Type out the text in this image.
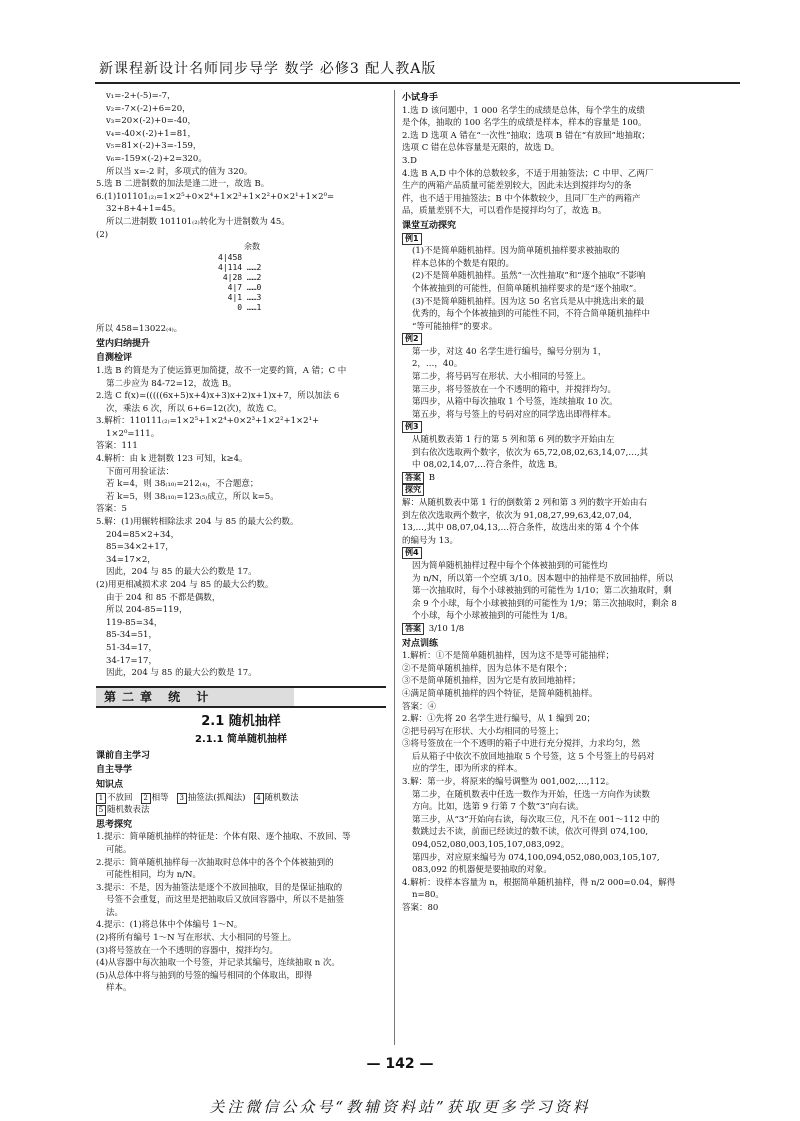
新课程新设计名师同步导学 数学 必修3 配人教A版

v₁=-2+(-5)=-7，

v₂=-7×(-2)+6=20，

v₃=20×(-2)+0=-40，

v₄=-40×(-2)+1=81，

v₅=81×(-2)+3=-159，

v₆=-159×(-2)+2=320。

所以当 x=-2 时，多项式的值为 320。

5.选 B 二进制数的加法是逢二进一，故选 B。

6.(1)101101₍₂₎=1×2⁵+0×2⁴+1×2³+1×2²+0×2¹+1×2⁰=

32+8+4+1=45。

所以二进制数 101101₍₂₎转化为十进制数为 45。

(2)

余数
4|458
4|114 ……2
4|28 ……2
4|7 ……0
4|1 ……3
0 ……1

所以 458=13022₍₄₎。

堂内归纳提升

自测检评

1.选 B 约简是为了使运算更加简捷，故不一定要约简，A 错；C 中

第二步应为 84-72=12，故选 B。

2.选 C f(x)=(((((6x+5)x+4)x+3)x+2)x+1)x+7，所以加法 6

次，乘法 6 次，所以 6+6=12(次)，故选 C。

3.解析：110111₍₂₎=1×2⁵+1×2⁴+0×2³+1×2²+1×2¹+

1×2⁰=111。

答案：111

4.解析：由 k 进制数 123 可知，k≥4。

下面可用验证法：

若 k=4，则 38₍₁₀₎=212₍₄₎，不合题意；

若 k=5，则 38₍₁₀₎=123₍₅₎成立，所以 k=5。

答案：5

5.解：(1)用辗转相除法求 204 与 85 的最大公约数。

204=85×2+34，

85=34×2+17，

34=17×2，

因此，204 与 85 的最大公约数是 17。

(2)用更相减损术求 204 与 85 的最大公约数。

由于 204 和 85 不都是偶数，

所以 204-85=119，

119-85=34，

85-34=51，

51-34=17，

34-17=17，

因此，204 与 85 的最大公约数是 17。

第二章 统 计
2.1 随机抽样
2.1.1 简单随机抽样

课前自主学习

自主导学

知识点

1 不放回 2 相等 3 抽签法(抓阄法) 4 随机数法

5 随机数表法

思考探究

1.提示：简单随机抽样的特征是：个体有限、逐个抽取、不放回、等

可能。

2.提示：简单随机抽样每一次抽取时总体中的各个个体被抽到的

可能性相同，均为 n/N。

3.提示：不是，因为抽签法是逐个不放回抽取，目的是保证抽取的

号签不会重复，而这里是把抽取后又放回容器中，所以不是抽签

法。

4.提示：(1)将总体中个体编号 1～N。

(2)将所有编号 1～N 写在形状、大小相同的号签上。

(3)将号签放在一个不透明的容器中，搅拌均匀。

(4)从容器中每次抽取一个号签，并记录其编号，连续抽取 n 次。

(5)从总体中将与抽到的号签的编号相同的个体取出，即得

样本。

小试身手

1.选 D 该问题中，1 000 名学生的成绩是总体，每个学生的成绩

是个体，抽取的 100 名学生的成绩是样本，样本的容量是 100。

2.选 D 选项 A 错在“一次性”抽取；选项 B 错在“有放回”地抽取；

选项 C 错在总体容量是无限的，故选 D。

3.D

4.选 B A,D 中个体的总数较多，不适于用抽签法；C 中甲、乙两厂

生产的两箱产品质量可能差别较大，因此未达到搅拌均匀的条

件，也不适于用抽签法；B 中个体数较少，且同厂生产的两箱产

品，质量差别不大，可以看作是搅拌均匀了，故选 B。

课堂互动探究

例1

(1)不是简单随机抽样。因为简单随机抽样要求被抽取的

样本总体的个数是有限的。

(2)不是简单随机抽样。虽然“一次性抽取”和“逐个抽取”不影响

个体被抽到的可能性，但简单随机抽样要求的是“逐个抽取”。

(3)不是简单随机抽样。因为这 50 名官兵是从中挑选出来的最

优秀的，每个个体被抽到的可能性不同，不符合简单随机抽样中

“等可能抽样”的要求。

例2

第一步，对这 40 名学生进行编号，编号分别为 1，

2，…，40。

第二步，将号码写在形状、大小相同的号签上。

第三步，将号签放在一个不透明的箱中，并搅拌均匀。

第四步，从箱中每次抽取 1 个号签，连续抽取 10 次。

第五步，将与号签上的号码对应的同学选出即得样本。

例3

从随机数表第 1 行的第 5 列和第 6 列的数字开始由左

到右依次选取两个数字，依次为 65,72,08,02,63,14,07,…,其

中 08,02,14,07,…符合条件，故选 B。

答案 B

探究

解：从随机数表中第 1 行的倒数第 2 列和第 3 列的数字开始由右

到左依次选取两个数字，依次为 91,08,27,99,63,42,07,04,

13,…,其中 08,07,04,13,…符合条件，故选出来的第 4 个个体

的编号为 13。

例4

因为简单随机抽样过程中每个个体被抽到的可能性均

为 n/N，所以第一个空填 3/10。因本题中的抽样是不放回抽样，所以

第一次抽取时，每个小球被抽到的可能性为 1/10；第二次抽取时，剩

余 9 个小球，每个小球被抽到的可能性为 1/9；第三次抽取时，剩余 8

个小球，每个小球被抽到的可能性为 1/8。

答案 3/10 1/8

对点训练

1.解析：①不是简单随机抽样，因为这不是等可能抽样；

②不是简单随机抽样，因为总体不是有限个；

③不是简单随机抽样，因为它是有放回地抽样；

④满足简单随机抽样的四个特征，是简单随机抽样。

答案：④

2.解：①先将 20 名学生进行编号，从 1 编到 20；

②把号码写在形状、大小均相同的号签上；

③将号签放在一个不透明的箱子中进行充分搅拌，力求均匀，然

后从箱子中依次不放回地抽取 5 个号签，这 5 个号签上的号码对

应的学生，即为所求的样本。

3.解：第一步，将原来的编号调整为 001,002,…,112。

第二步，在随机数表中任选一数作为开始，任选一方向作为读数

方向。比如，选第 9 行第 7 个数“3”向右读。

第三步，从“3”开始向右读，每次取三位，凡不在 001～112 中的

数跳过去不读，前面已经读过的数不读，依次可得到 074,100,

094,052,080,003,105,107,083,092。

第四步，对应原来编号为 074,100,094,052,080,003,105,107,

083,092 的机器便是要抽取的对象。

4.解析：设样本容量为 n，根据简单随机抽样，得 n/2 000=0.04，解得

n=80。

答案：80

— 142 —
关注微信公众号“教辅资料站”获取更多学习资料
